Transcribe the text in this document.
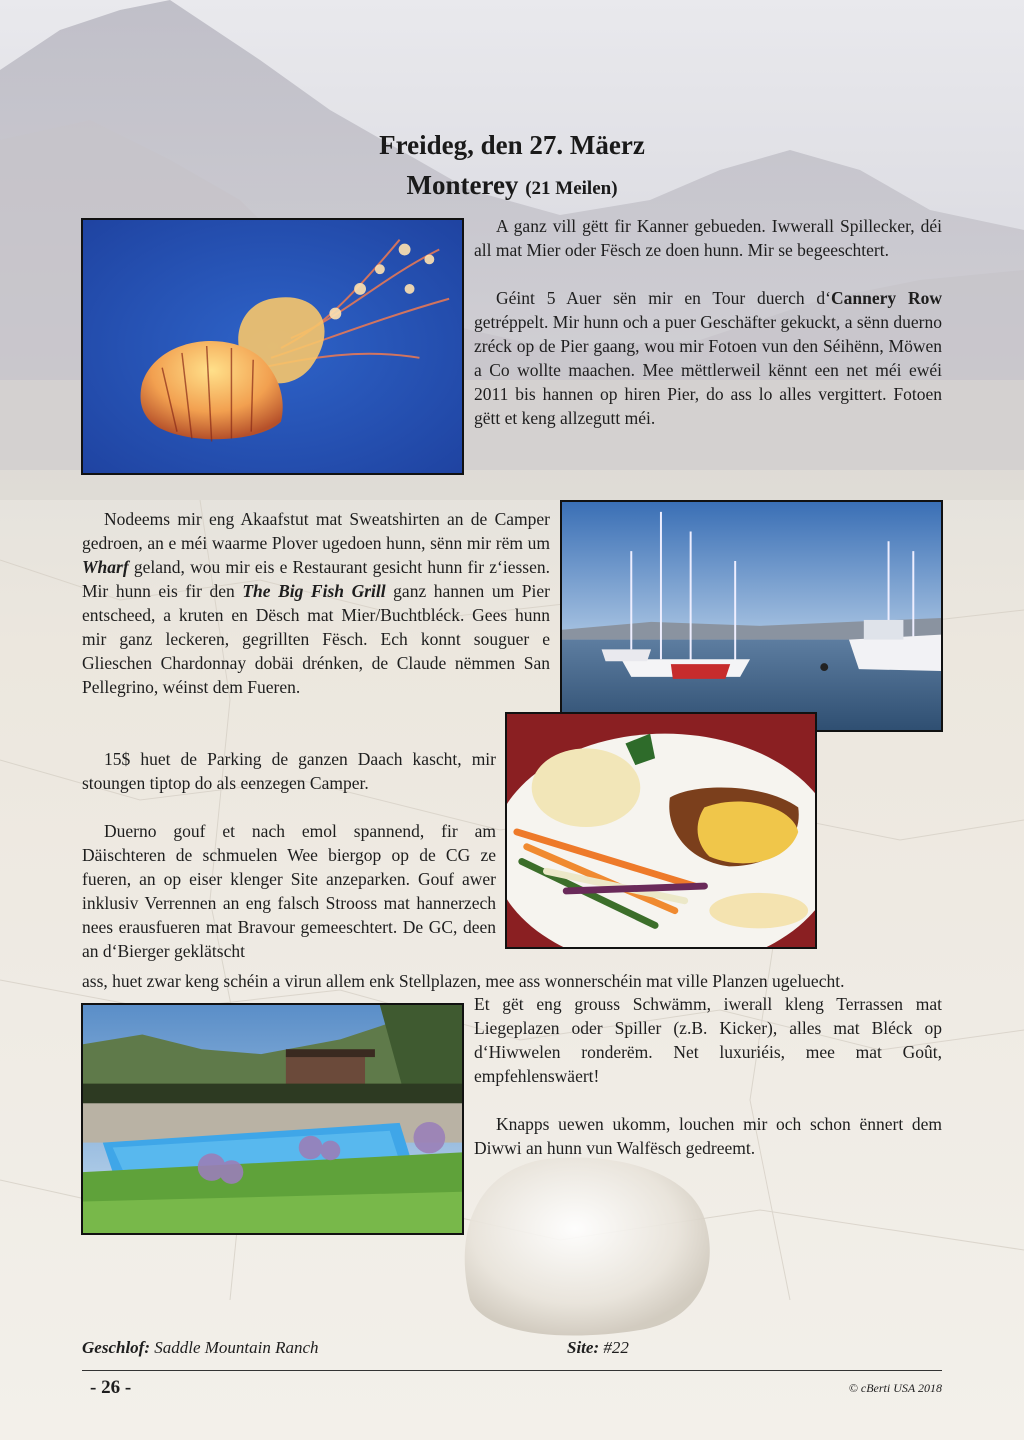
Freideg, den 27. Mäerz
Monterey (21 Meilen)

A ganz vill gëtt fir Kanner gebueden. Iwwerall Spillecker, déi all mat Mier oder Fësch ze doen hunn. Mir se begeeschtert.

Géint 5 Auer sën mir en Tour duerch d‘Cannery Row getréppelt. Mir hunn och a puer Geschäfter gekuckt, a sënn duerno zréck op de Pier gaang, wou mir Fotoen vun den Séihënn, Möwen a Co wollte maachen. Mee mëttlerweil kënnt een net méi ewéi 2011 bis hannen op hiren Pier, do ass lo alles vergittert. Fotoen gëtt et keng allzegutt méi.

Nodeems mir eng Akaafstut mat Sweatshirten an de Camper gedroen, an e méi waarme Plover ugedoen hunn, sënn mir rëm um Wharf geland, wou mir eis e Restaurant gesicht hunn fir z‘iessen. Mir hunn eis fir den The Big Fish Grill ganz hannen um Pier entscheed, a kruten en Dësch mat Mier/Buchtbléck. Gees hunn mir ganz leckeren, gegrillten Fësch. Ech konnt souguer e Glieschen Chardonnay dobäi drénken, de Claude nëmmen San Pellegrino, wéinst dem Fueren.

15$ huet de Parking de ganzen Daach kascht, mir stoungen tiptop do als eenzegen Camper.

Duerno gouf et nach emol spannend, fir am Däischteren de schmuelen Wee biergop op de CG ze fueren, an op eiser klenger Site anzeparken. Gouf awer inklusiv Verrennen an eng falsch Strooss mat hannerzech nees erausfueren mat Bravour gemeeschtert. De GC, deen an d‘Bierger geklätscht

ass, huet zwar keng schéin a virun allem enk Stellplazen, mee ass wonnerschéin mat ville Planzen ugeluecht.

Et gët eng grouss Schwämm, iwerall kleng Terrassen mat Liegeplazen oder Spiller (z.B. Kicker), alles mat Bléck op d‘Hiwwelen ronderëm. Net luxuriéis, mee mat Goût, empfehlenswäert!

Knapps uewen ukomm, louchen mir och schon ënnert dem Diwwi an hunn vun Walfësch gedreemt.

Geschlof: Saddle Mountain Ranch	Site: #22
- 26 -	© cBerti USA 2018
